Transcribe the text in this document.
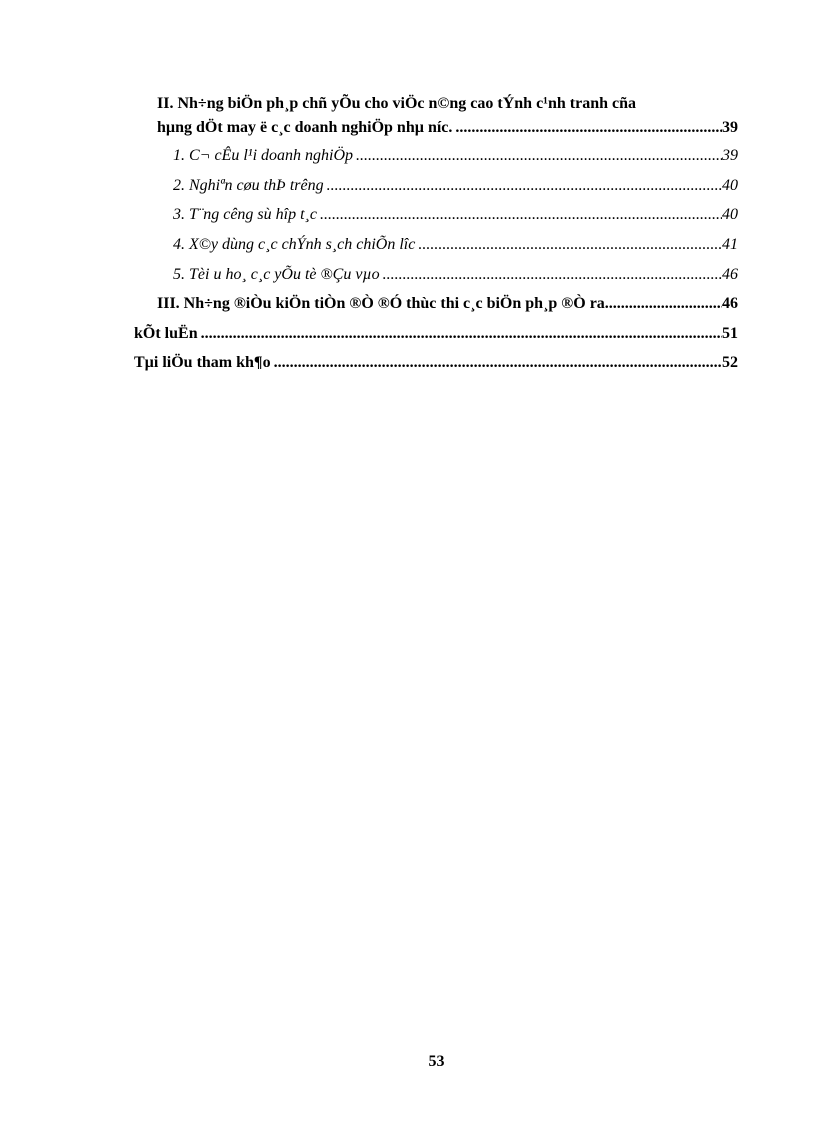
II. Nh÷ng biÖn ph¸p chñ yÕu cho viÖc n©ng cao tÝnh c¹nh tranh cña
hµng dÖt may ë c¸c doanh nghiÖp nhµ níc. .....	39
1. C¬ cÊu l¹i doanh nghiÖp .....	39
2. Nghiªn cøu thÞ trêng .....	40
3. T¨ng cêng sù hîp t¸c .....	40
4. X©y dùng c¸c chÝnh s¸ch chiÕn lîc .....	41
5. Tèi u ho¸ c¸c yÕu tè ®Çu vµo .....	46
III. Nh÷ng ®iÒu kiÖn tiÒn ®Ò ®Ó thùc thi c¸c biÖn ph¸p ®Ò ra. .....	46
kÕt luËn .....	51
Tµi liÖu tham kh¶o .....	52
53
